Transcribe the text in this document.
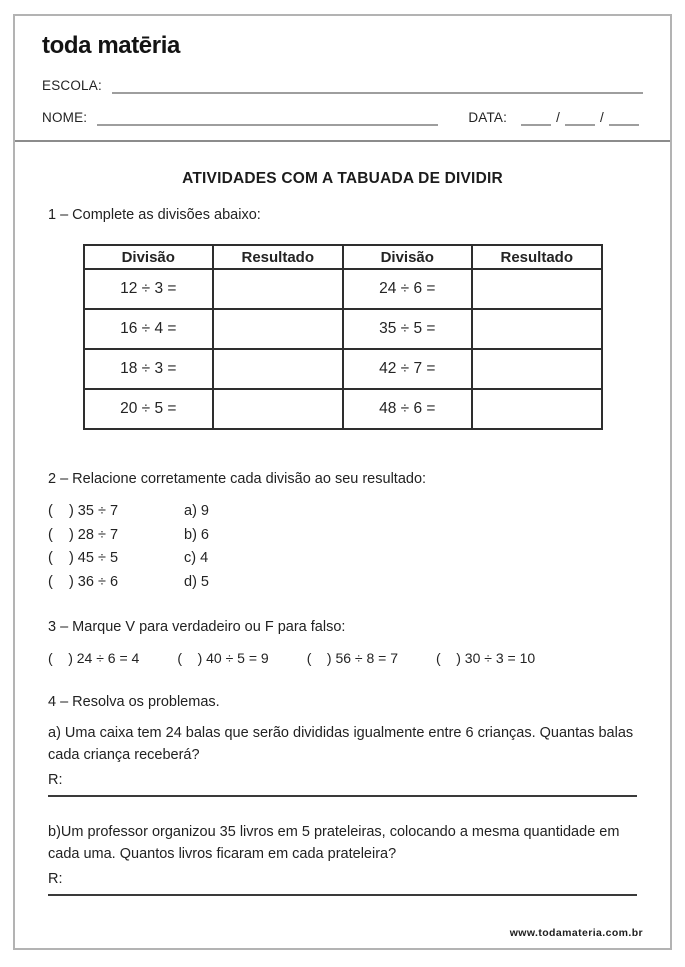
toda matēria
ESCOLA:
NOME:	DATA:	/	/
ATIVIDADES COM A TABUADA DE DIVIDIR
1 – Complete as divisões abaixo:
Divisão	Resultado	Divisão	Resultado
12 ÷ 3 =		24 ÷ 6 =	
16 ÷ 4 =		35 ÷ 5 =	
18 ÷ 3 =		42 ÷ 7 =	
20 ÷ 5 =		48 ÷ 6 =	
2 – Relacione corretamente cada divisão ao seu resultado:
(    ) 35 ÷ 7	a) 9
(    ) 28 ÷ 7	b) 6
(    ) 45 ÷ 5	c) 4
(    ) 36 ÷ 6	d) 5
3 – Marque V para verdadeiro ou F para falso:
(    ) 24 ÷ 6 = 4	(    ) 40 ÷ 5 = 9	(    ) 56 ÷ 8 = 7	(    ) 30 ÷ 3 = 10
4 – Resolva os problemas.

a) Uma caixa tem 24 balas que serão divididas igualmente entre 6 crianças. Quantas balas cada criança receberá?

R:

b)Um professor organizou 35 livros em 5 prateleiras, colocando a mesma quantidade em cada uma. Quantos livros ficaram em cada prateleira?

R:
www.todamateria.com.br
